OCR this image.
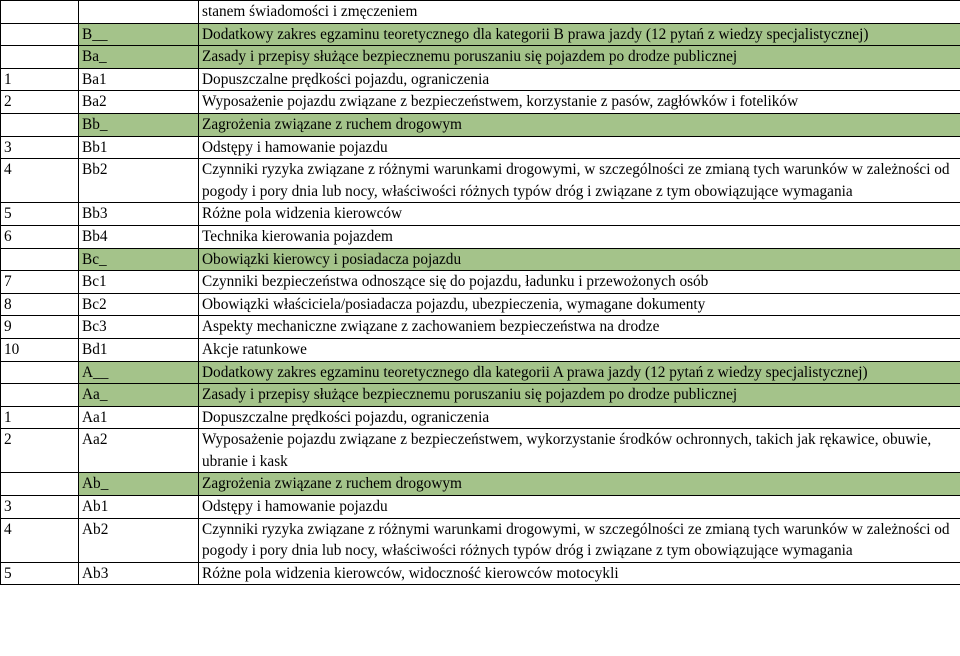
		stanem świadomości i zmęczeniem
	B__	Dodatkowy zakres egzaminu teoretycznego dla kategorii B prawa jazdy (12 pytań z wiedzy specjalistycznej)
	Ba_	Zasady i przepisy służące bezpiecznemu poruszaniu się pojazdem po drodze publicznej
1	Ba1	Dopuszczalne prędkości pojazdu, ograniczenia
2	Ba2	Wyposażenie pojazdu związane z bezpieczeństwem, korzystanie z pasów, zagłówków i fotelików
	Bb_	Zagrożenia związane z ruchem drogowym
3	Bb1	Odstępy i hamowanie pojazdu
4	Bb2	Czynniki ryzyka związane z różnymi warunkami drogowymi, w szczególności ze zmianą tych warunków w zależności od pogody i pory dnia lub nocy, właściwości różnych typów dróg i związane z tym obowiązujące wymagania
5	Bb3	Różne pola widzenia kierowców
6	Bb4	Technika kierowania pojazdem
	Bc_	Obowiązki kierowcy i posiadacza pojazdu
7	Bc1	Czynniki bezpieczeństwa odnoszące się do pojazdu, ładunku i przewożonych osób
8	Bc2	Obowiązki właściciela/posiadacza pojazdu, ubezpieczenia, wymagane dokumenty
9	Bc3	Aspekty mechaniczne związane z zachowaniem bezpieczeństwa na drodze
10	Bd1	Akcje ratunkowe
	A__	Dodatkowy zakres egzaminu teoretycznego dla kategorii A prawa jazdy (12 pytań z wiedzy specjalistycznej)
	Aa_	Zasady i przepisy służące bezpiecznemu poruszaniu się pojazdem po drodze publicznej
1	Aa1	Dopuszczalne prędkości pojazdu, ograniczenia
2	Aa2	Wyposażenie pojazdu związane z bezpieczeństwem, wykorzystanie środków ochronnych, takich jak rękawice, obuwie, ubranie i kask
	Ab_	Zagrożenia związane z ruchem drogowym
3	Ab1	Odstępy i hamowanie pojazdu
4	Ab2	Czynniki ryzyka związane z różnymi warunkami drogowymi, w szczególności ze zmianą tych warunków w zależności od pogody i pory dnia lub nocy, właściwości różnych typów dróg i związane z tym obowiązujące wymagania
5	Ab3	Różne pola widzenia kierowców, widoczność kierowców motocykli
